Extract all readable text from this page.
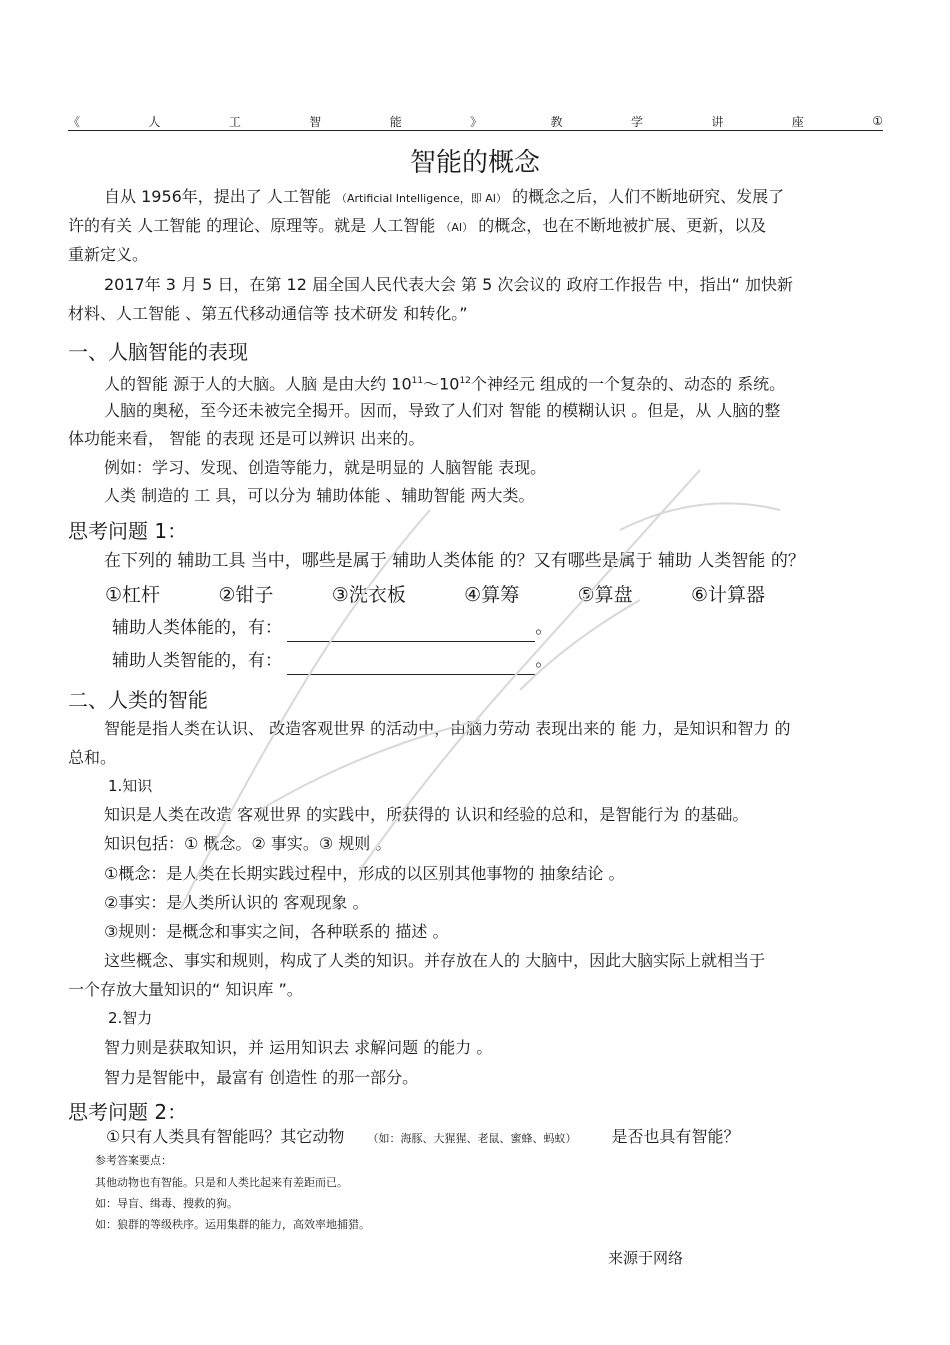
《	人	工	智	能	》	教	学	讲	座	①
智能的概念
自从 1956年，提出了 人工智能 （Artificial Intelligence，即 AI） 的概念之后，人们不断地研究、发展了
许的有关 人工智能 的理论、原理等。就是 人工智能 （AI） 的概念，也在不断地被扩展、更新，以及
重新定义。
2017年 3 月 5 日，在第 12 届全国人民代表大会 第 5 次会议的 政府工作报告 中，指出“ 加快新
材料、人工智能 、第五代移动通信等 技术研发 和转化。”
一、人脑智能的表现
人的智能 源于人的大脑。人脑 是由大约 $10^{11}\sim 10^{12}$个神经元 组成的一个复杂的、动态的 系统。
人脑的奥秘，至今还未被完全揭开。因而，导致了人们对 智能 的模糊认识 。但是，从 人脑的整
体功能来看， 智能 的表现 还是可以辨识 出来的。
例如：学习、发现、创造等能力，就是明显的 人脑智能 表现。
人类 制造的 工 具，可以分为 辅助体能 、辅助智能 两大类。
思考问题 1：
在下列的 辅助工具 当中，哪些是属于 辅助人类体能 的？又有哪些是属于 辅助 人类智能 的？
①杠杆	②钳子	③洗衣板	④算筹	⑤算盘	⑥计算器
辅助人类体能的，有：	。
辅助人类智能的，有：	。
二、人类的智能
智能是指人类在认识、 改造客观世界 的活动中，由脑力劳动 表现出来的 能 力，是知识和智力 的
总和。
1.知识
知识是人类在改造 客观世界 的实践中，所获得的 认识和经验的总和，是智能行为 的基础。
知识包括：① 概念。② 事实。③ 规则 。
①概念：是人类在长期实践过程中，形成的以区别其他事物的 抽象结论 。
②事实：是人类所认识的 客观现象 。
③规则：是概念和事实之间，各种联系的 描述 。
这些概念、事实和规则，构成了人类的知识。并存放在人的 大脑中，因此大脑实际上就相当于
一个存放大量知识的“ 知识库 ”。
2.智力
智力则是获取知识，并 运用知识去 求解问题 的能力 。
智力是智能中，最富有 创造性 的那一部分。
思考问题 2：
①只有人类具有智能吗？其它动物 （如：海豚、大猩猩、老鼠、蜜蜂、蚂蚁） 是否也具有智能？
参考答案要点：
其他动物也有智能。只是和人类比起来有差距而已。
如：导盲、缉毒、搜救的狗。
如：狼群的等级秩序。运用集群的能力，高效率地捕猎。
来源于网络
